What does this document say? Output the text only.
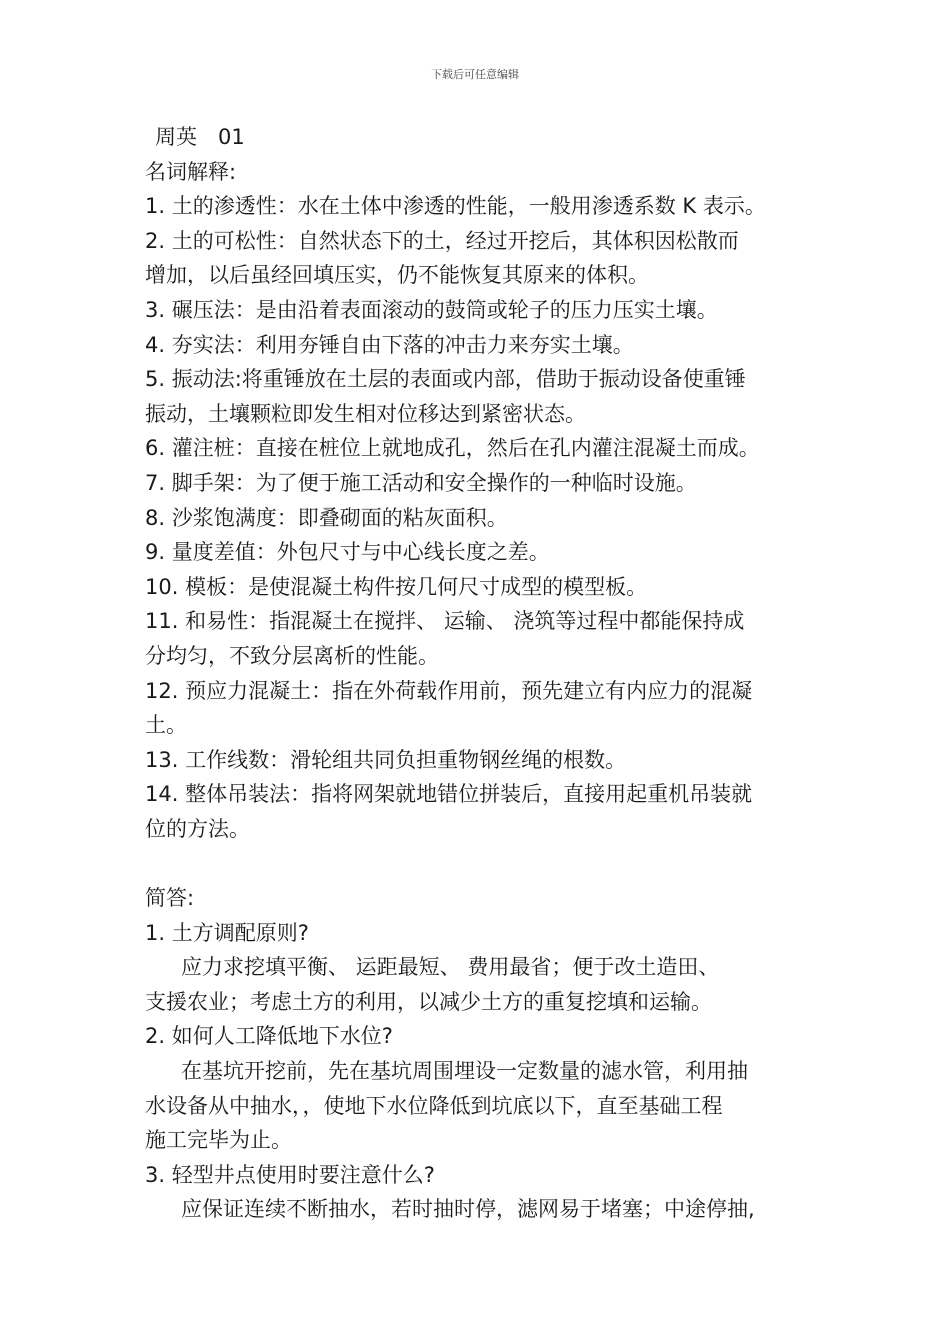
下载后可任意编辑
周英　01
名词解释:
1. 土的渗透性：水在土体中渗透的性能，一般用渗透系数 K 表示。
2. 土的可松性：自然状态下的土，经过开挖后，其体积因松散而
增加，以后虽经回填压实，仍不能恢复其原来的体积。
3. 碾压法：是由沿着表面滚动的鼓筒或轮子的压力压实土壤。
4. 夯实法：利用夯锤自由下落的冲击力来夯实土壤。
5. 振动法:将重锤放在土层的表面或内部，借助于振动设备使重锤
振动，土壤颗粒即发生相对位移达到紧密状态。
6. 灌注桩：直接在桩位上就地成孔，然后在孔内灌注混凝土而成。
7. 脚手架：为了便于施工活动和安全操作的一种临时设施。
8. 沙浆饱满度：即叠砌面的粘灰面积。
9. 量度差值：外包尺寸与中心线长度之差。
10. 模板：是使混凝土构件按几何尺寸成型的模型板。
11. 和易性：指混凝土在搅拌、 运输、 浇筑等过程中都能保持成
分均匀，不致分层离析的性能。
12. 预应力混凝土：指在外荷载作用前，预先建立有内应力的混凝
土。
13. 工作线数：滑轮组共同负担重物钢丝绳的根数。
14. 整体吊装法：指将网架就地错位拼装后，直接用起重机吊装就
位的方法。
简答:
1. 土方调配原则?
应力求挖填平衡、 运距最短、 费用最省；便于改土造田、
支援农业；考虑土方的利用，以减少土方的重复挖填和运输。
2. 如何人工降低地下水位?
在基坑开挖前，先在基坑周围埋设一定数量的滤水管，利用抽
水设备从中抽水，，使地下水位降低到坑底以下，直至基础工程
施工完毕为止。
3. 轻型井点使用时要注意什么?
应保证连续不断抽水，若时抽时停，滤网易于堵塞；中途停抽,
